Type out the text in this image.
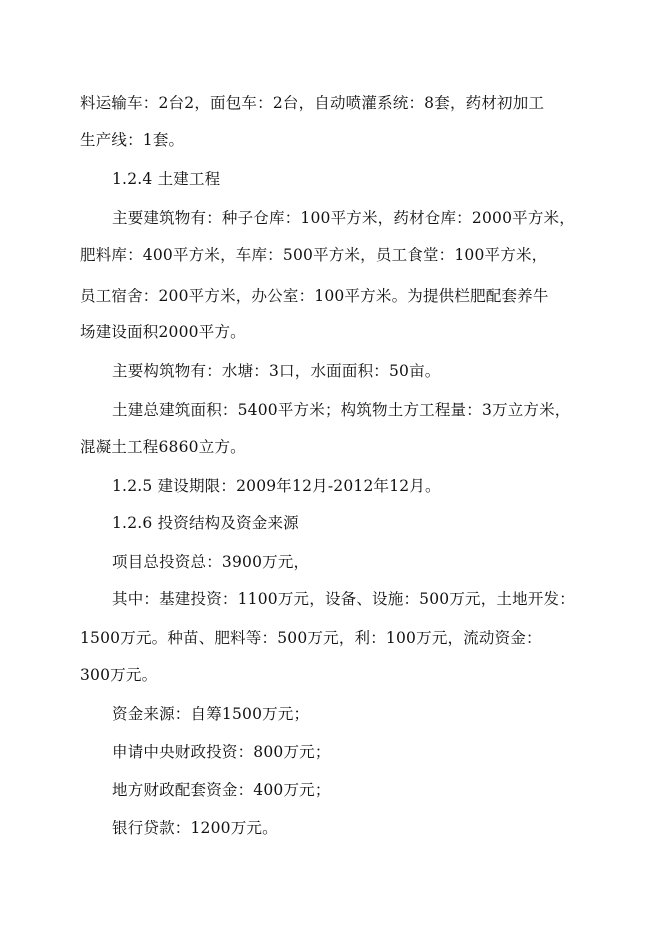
料运输车：2台2，面包车：2台，自动喷灌系统：8套，药材初加工
生产线：1套。
1.2.4 土建工程
主要建筑物有：种子仓库：100平方米，药材仓库：2000平方米，
肥料库：400平方米，车库：500平方米，员工食堂：100平方米，
员工宿舍：200平方米，办公室：100平方米。为提供栏肥配套养牛
场建设面积2000平方。
主要构筑物有：水塘：3口，水面面积：50亩。
土建总建筑面积：5400平方米；构筑物土方工程量：3万立方米，
混凝土工程6860立方。
1.2.5 建设期限：2009年12月-2012年12月。
1.2.6 投资结构及资金来源
项目总投资总：3900万元，
其中：基建投资：1100万元，设备、设施：500万元，土地开发：
1500万元。种苗、肥料等：500万元，利：100万元，流动资金：
300万元。
资金来源：自筹1500万元；
申请中央财政投资：800万元；
地方财政配套资金：400万元；
银行贷款：1200万元。
